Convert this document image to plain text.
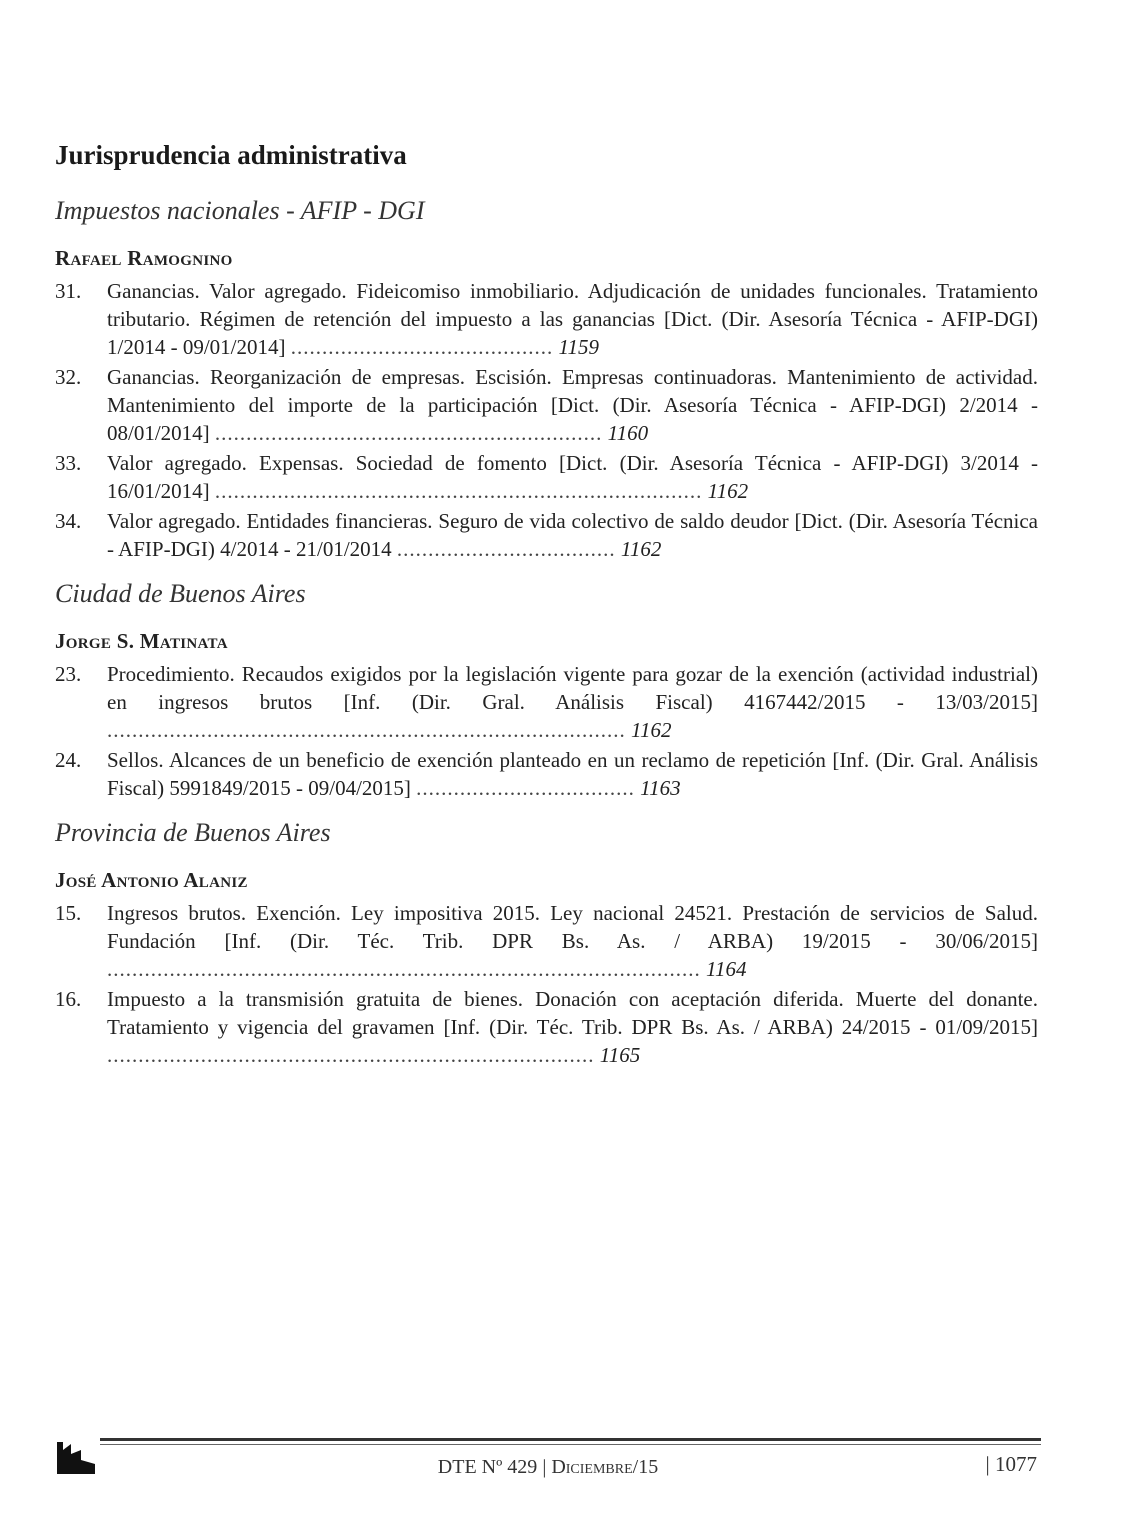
Jurisprudencia administrativa
Impuestos nacionales - AFIP - DGI
Rafael Ramognino
31. Ganancias. Valor agregado. Fideicomiso inmobiliario. Adjudicación de unidades funcionales. Tratamiento tributario. Régimen de retención del impuesto a las ganancias [Dict. (Dir. Asesoría Técnica - AFIP-DGI) 1/2014 - 09/01/2014] .......................................... 1159
32. Ganancias. Reorganización de empresas. Escisión. Empresas continuadoras. Mantenimiento de actividad. Mantenimiento del importe de la participación [Dict. (Dir. Asesoría Técnica - AFIP-DGI) 2/2014 - 08/01/2014] .............................................................. 1160
33. Valor agregado. Expensas. Sociedad de fomento [Dict. (Dir. Asesoría Técnica - AFIP-DGI) 3/2014 - 16/01/2014] .............................................................................. 1162
34. Valor agregado. Entidades financieras. Seguro de vida colectivo de saldo deudor [Dict. (Dir. Asesoría Técnica - AFIP-DGI) 4/2014 - 21/01/2014 ................................... 1162
Ciudad de Buenos Aires
Jorge S. Matinata
23. Procedimiento. Recaudos exigidos por la legislación vigente para gozar de la exención (actividad industrial) en ingresos brutos [Inf. (Dir. Gral. Análisis Fiscal) 4167442/2015 - 13/03/2015] ................................................................................... 1162
24. Sellos. Alcances de un beneficio de exención planteado en un reclamo de repetición [Inf. (Dir. Gral. Análisis Fiscal) 5991849/2015 - 09/04/2015] ................................... 1163
Provincia de Buenos Aires
José Antonio Alaniz
15. Ingresos brutos. Exención. Ley impositiva 2015. Ley nacional 24521. Prestación de servicios de Salud. Fundación [Inf. (Dir. Téc. Trib. DPR Bs. As. / ARBA) 19/2015 - 30/06/2015] ............................................................................................... 1164
16. Impuesto a la transmisión gratuita de bienes. Donación con aceptación diferida. Muerte del donante. Tratamiento y vigencia del gravamen [Inf. (Dir. Téc. Trib. DPR Bs. As. / ARBA) 24/2015 - 01/09/2015] .............................................................................. 1165
DTE Nº 429 | Diciembre/15	| 1077
